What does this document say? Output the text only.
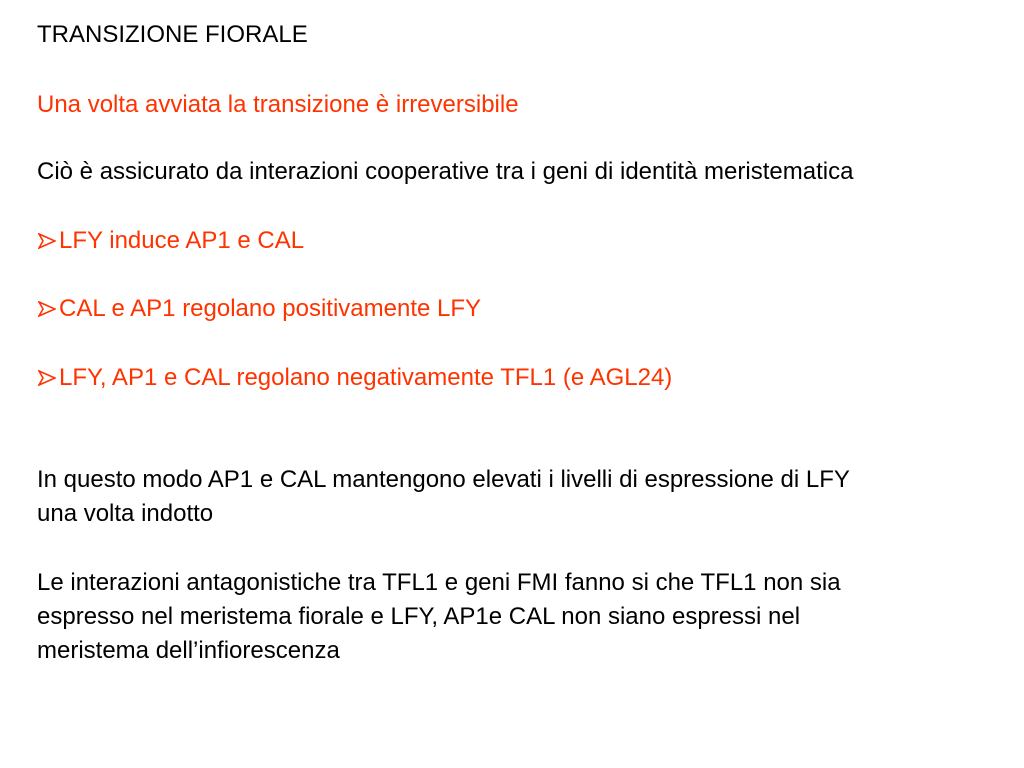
TRANSIZIONE FIORALE
Una volta avviata la transizione è irreversibile
Ciò è assicurato da interazioni cooperative tra i geni di identità meristematica
LFY induce AP1 e CAL
CAL e AP1 regolano positivamente LFY
LFY, AP1 e CAL regolano negativamente TFL1 (e AGL24)
In questo modo AP1 e CAL mantengono elevati i livelli di espressione di LFY
una volta indotto
Le interazioni antagonistiche tra TFL1 e geni FMI fanno si che TFL1 non sia
espresso nel meristema fiorale e LFY, AP1e CAL non siano espressi nel
meristema dell’infiorescenza
